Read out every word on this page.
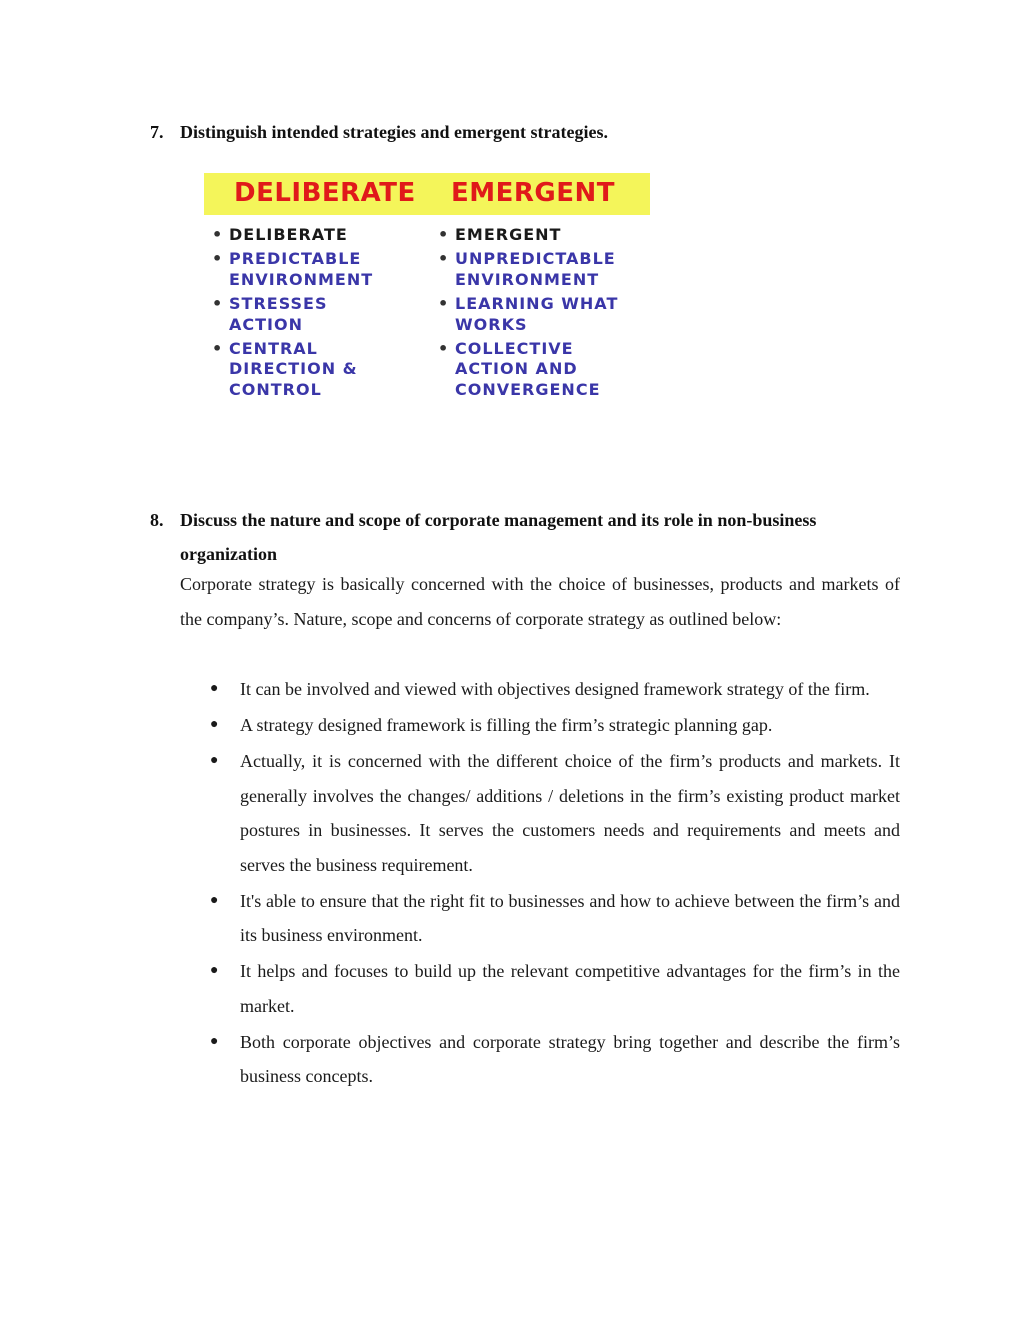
7. Distinguish intended strategies and emergent strategies.
DELIBERATE EMERGENT
• DELIBERATE
• PREDICTABLE
ENVIRONMENT
• STRESSES
ACTION
• CENTRAL
DIRECTION &
CONTROL
• EMERGENT
• UNPREDICTABLE
ENVIRONMENT
• LEARNING WHAT
WORKS
• COLLECTIVE
ACTION AND
CONVERGENCE
8. Discuss the nature and scope of corporate management and its role in non-business organization
Corporate strategy is basically concerned with the choice of businesses, products and markets of the company’s. Nature, scope and concerns of corporate strategy as outlined below:
● It can be involved and viewed with objectives designed framework strategy of the firm.
● A strategy designed framework is filling the firm’s strategic planning gap.
● Actually, it is concerned with the different choice of the firm’s products and markets. It generally involves the changes/ additions / deletions in the firm’s existing product market postures in businesses. It serves the customers needs and requirements and meets and serves the business requirement.
● It's able to ensure that the right fit to businesses and how to achieve between the firm’s and its business environment.
● It helps and focuses to build up the relevant competitive advantages for the firm’s in the market.
● Both corporate objectives and corporate strategy bring together and describe the firm’s business concepts.
